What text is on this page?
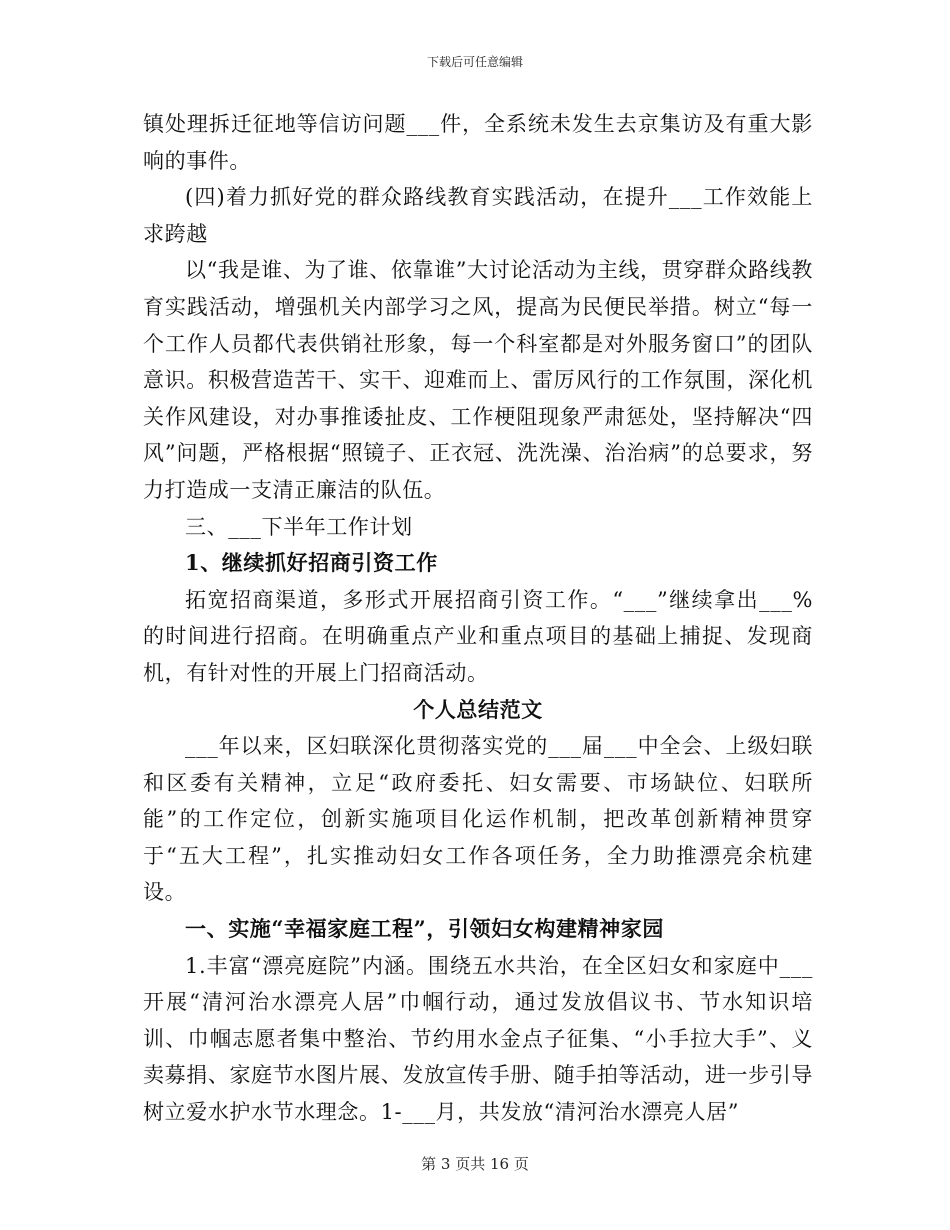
下载后可任意编辑

镇处理拆迁征地等信访问题___件，全系统未发生去京集访及有重大影响的事件。

(四)着力抓好党的群众路线教育实践活动，在提升___工作效能上求跨越

以“我是谁、为了谁、依靠谁”大讨论活动为主线，贯穿群众路线教育实践活动，增强机关内部学习之风，提高为民便民举措。树立“每一个工作人员都代表供销社形象，每一个科室都是对外服务窗口”的团队意识。积极营造苦干、实干、迎难而上、雷厉风行的工作氛围，深化机关作风建设，对办事推诿扯皮、工作梗阻现象严肃惩处，坚持解决“四风”问题，严格根据“照镜子、正衣冠、洗洗澡、治治病”的总要求，努力打造成一支清正廉洁的队伍。

三、___下半年工作计划

1、继续抓好招商引资工作

拓宽招商渠道，多形式开展招商引资工作。“___”继续拿出___%的时间进行招商。在明确重点产业和重点项目的基础上捕捉、发现商机，有针对性的开展上门招商活动。

个人总结范文

___年以来，区妇联深化贯彻落实党的___届___中全会、上级妇联和区委有关精神，立足“政府委托、妇女需要、市场缺位、妇联所能”的工作定位，创新实施项目化运作机制，把改革创新精神贯穿于“五大工程”，扎实推动妇女工作各项任务，全力助推漂亮余杭建设。

一、实施“幸福家庭工程”，引领妇女构建精神家园

1.丰富“漂亮庭院”内涵。围绕五水共治，在全区妇女和家庭中___开展“清河治水漂亮人居”巾帼行动，通过发放倡议书、节水知识培训、巾帼志愿者集中整治、节约用水金点子征集、“小手拉大手”、义卖募捐、家庭节水图片展、发放宣传手册、随手拍等活动，进一步引导树立爱水护水节水理念。1-___月，共发放“清河治水漂亮人居”

第 3 页共 16 页
